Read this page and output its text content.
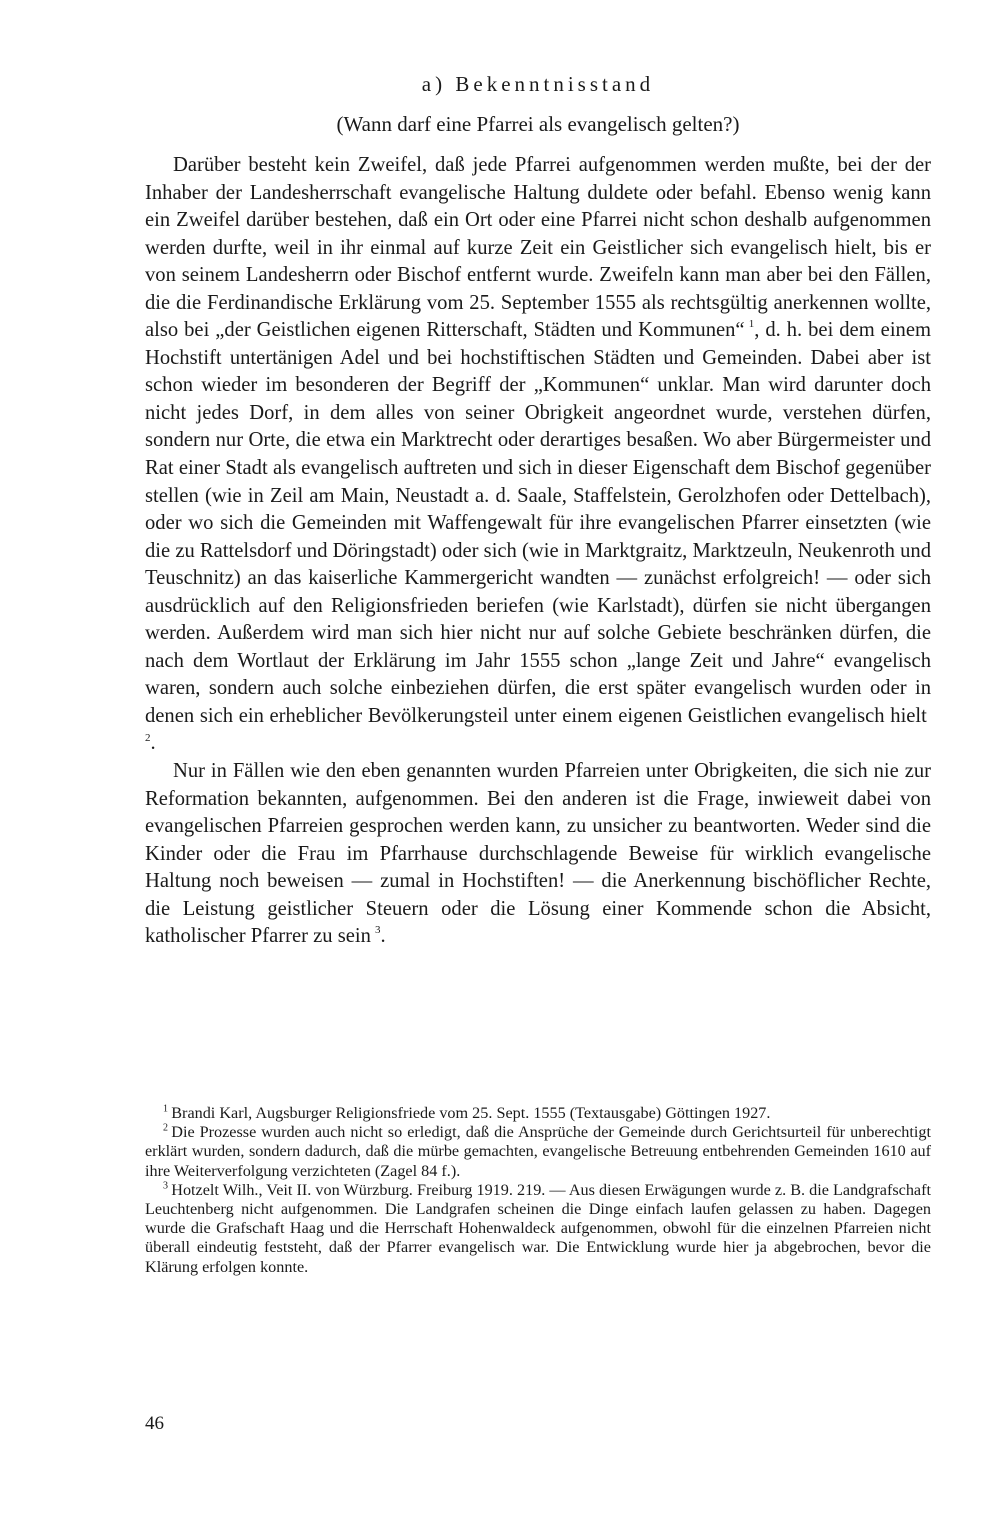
a) Bekenntnisstand
(Wann darf eine Pfarrei als evangelisch gelten?)

Darüber besteht kein Zweifel, daß jede Pfarrei aufgenommen werden mußte, bei der der Inhaber der Landesherrschaft evangelische Haltung duldete oder befahl. Ebenso wenig kann ein Zweifel darüber bestehen, daß ein Ort oder eine Pfarrei nicht schon deshalb aufgenommen werden durfte, weil in ihr einmal auf kurze Zeit ein Geistlicher sich evangelisch hielt, bis er von seinem Landesherrn oder Bischof entfernt wurde. Zweifeln kann man aber bei den Fällen, die die Ferdinandische Erklärung vom 25. September 1555 als rechtsgültig anerkennen wollte, also bei „der Geistlichen eigenen Ritterschaft, Städten und Kommunen“  $^1$, d. h. bei dem einem Hochstift untertänigen Adel und bei hochstiftischen Städten und Gemeinden. Dabei aber ist schon wieder im besonderen der Begriff der „Kommunen“ unklar. Man wird darunter doch nicht jedes Dorf, in dem alles von seiner Obrigkeit angeordnet wurde, verstehen dürfen, sondern nur Orte, die etwa ein Marktrecht oder derartiges besaßen. Wo aber Bürgermeister und Rat einer Stadt als evangelisch auftreten und sich in dieser Eigenschaft dem Bischof gegenüber stellen (wie in Zeil am Main, Neustadt a. d. Saale, Staffelstein, Gerolzhofen oder Dettelbach), oder wo sich die Gemeinden mit Waffengewalt für ihre evangelischen Pfarrer einsetzten (wie die zu Rattelsdorf und Döringstadt) oder sich (wie in Marktgraitz, Marktzeuln, Neukenroth und Teuschnitz) an das kaiserliche Kammergericht wandten — zunächst erfolgreich! — oder sich ausdrücklich auf den Religionsfrieden beriefen (wie Karlstadt), dürfen sie nicht übergangen werden. Außerdem wird man sich hier nicht nur auf solche Gebiete beschränken dürfen, die nach dem Wortlaut der Erklärung im Jahr 1555 schon „lange Zeit und Jahre“ evangelisch waren, sondern auch solche einbeziehen dürfen, die erst später evangelisch wurden oder in denen sich ein erheblicher Bevölkerungsteil unter einem eigenen Geistlichen evangelisch hielt $^2$.

Nur in Fällen wie den eben genannten wurden Pfarreien unter Obrigkeiten, die sich nie zur Reformation bekannten, aufgenommen. Bei den anderen ist die Frage, inwieweit dabei von evangelischen Pfarreien gesprochen werden kann, zu unsicher zu beantworten. Weder sind die Kinder oder die Frau im Pfarrhause durchschlagende Beweise für wirklich evangelische Haltung noch beweisen — zumal in Hochstiften! — die Anerkennung bischöflicher Rechte, die Leistung geistlicher Steuern oder die Lösung einer Kommende schon die Absicht, katholischer Pfarrer zu sein  $^3$.

$^1$  Brandi Karl, Augsburger Religionsfriede vom 25. Sept. 1555 (Textausgabe) Göttingen 1927.

$^2$  Die Prozesse wurden auch nicht so erledigt, daß die Ansprüche der Gemeinde durch Gerichtsurteil für unberechtigt erklärt wurden, sondern dadurch, daß die mürbe gemachten, evangelische Betreuung entbehrenden Gemeinden 1610 auf ihre Weiterverfolgung verzichteten (Zagel 84 f.).

$^3$  Hotzelt Wilh., Veit II. von Würzburg. Freiburg 1919. 219. — Aus diesen Erwägungen wurde z. B. die Landgrafschaft Leuchtenberg nicht aufgenommen. Die Landgrafen scheinen die Dinge einfach laufen gelassen zu haben. Dagegen wurde die Grafschaft Haag und die Herrschaft Hohenwaldeck aufgenommen, obwohl für die einzelnen Pfarreien nicht überall eindeutig feststeht, daß der Pfarrer evangelisch war. Die Entwicklung wurde hier ja abgebrochen, bevor die Klärung erfolgen konnte.

46
